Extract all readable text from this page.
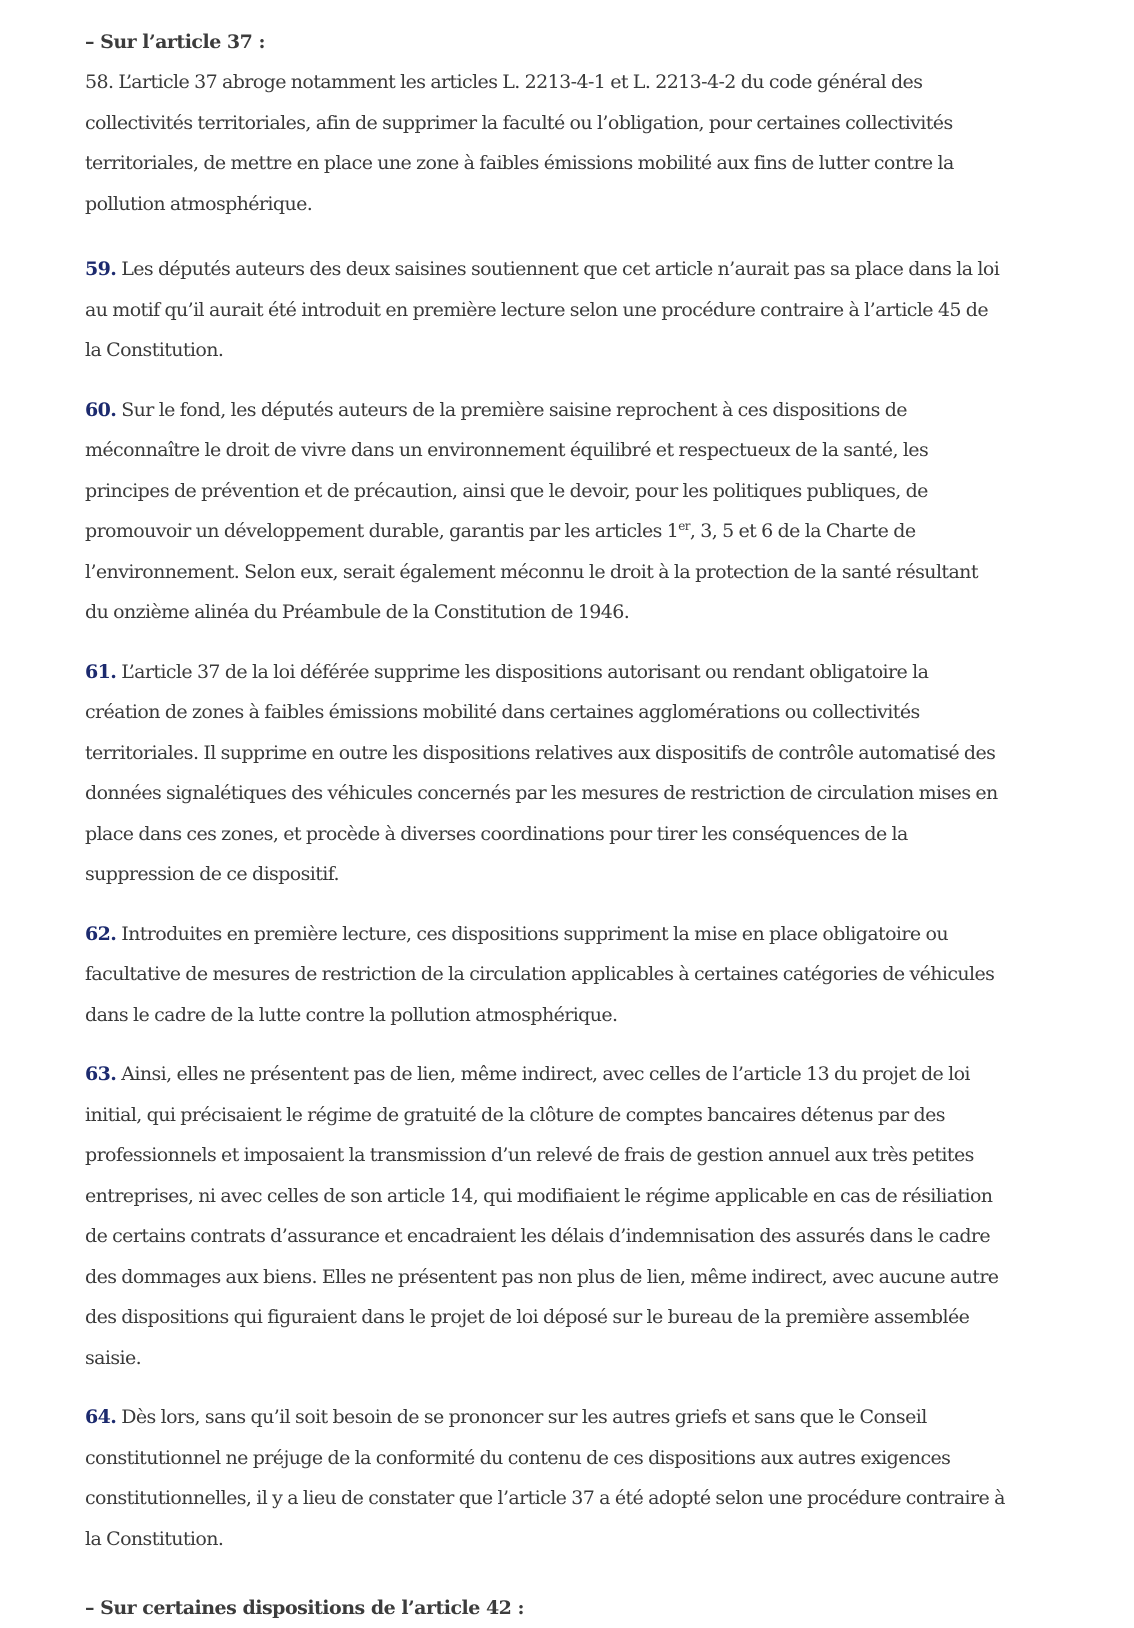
– Sur l’article 37 :

58. L’article 37 abroge notamment les articles L. 2213-4-1 et L. 2213-4-2 du code général des collectivités territoriales, afin de supprimer la faculté ou l’obligation, pour certaines collectivités territoriales, de mettre en place une zone à faibles émissions mobilité aux fins de lutter contre la pollution atmosphérique.

59. Les députés auteurs des deux saisines soutiennent que cet article n’aurait pas sa place dans la loi au motif qu’il aurait été introduit en première lecture selon une procédure contraire à l’article 45 de la Constitution.

60. Sur le fond, les députés auteurs de la première saisine reprochent à ces dispositions de méconnaître le droit de vivre dans un environnement équilibré et respectueux de la santé, les principes de prévention et de précaution, ainsi que le devoir, pour les politiques publiques, de promouvoir un développement durable, garantis par les articles 1er, 3, 5 et 6 de la Charte de l’environnement. Selon eux, serait également méconnu le droit à la protection de la santé résultant du onzième alinéa du Préambule de la Constitution de 1946.

61. L’article 37 de la loi déférée supprime les dispositions autorisant ou rendant obligatoire la création de zones à faibles émissions mobilité dans certaines agglomérations ou collectivités territoriales. Il supprime en outre les dispositions relatives aux dispositifs de contrôle automatisé des données signalétiques des véhicules concernés par les mesures de restriction de circulation mises en place dans ces zones, et procède à diverses coordinations pour tirer les conséquences de la suppression de ce dispositif.

62. Introduites en première lecture, ces dispositions suppriment la mise en place obligatoire ou facultative de mesures de restriction de la circulation applicables à certaines catégories de véhicules dans le cadre de la lutte contre la pollution atmosphérique.

63. Ainsi, elles ne présentent pas de lien, même indirect, avec celles de l’article 13 du projet de loi initial, qui précisaient le régime de gratuité de la clôture de comptes bancaires détenus par des professionnels et imposaient la transmission d’un relevé de frais de gestion annuel aux très petites entreprises, ni avec celles de son article 14, qui modifiaient le régime applicable en cas de résiliation de certains contrats d’assurance et encadraient les délais d’indemnisation des assurés dans le cadre des dommages aux biens. Elles ne présentent pas non plus de lien, même indirect, avec aucune autre des dispositions qui figuraient dans le projet de loi déposé sur le bureau de la première assemblée saisie.

64. Dès lors, sans qu’il soit besoin de se prononcer sur les autres griefs et sans que le Conseil constitutionnel ne préjuge de la conformité du contenu de ces dispositions aux autres exigences constitutionnelles, il y a lieu de constater que l’article 37 a été adopté selon une procédure contraire à la Constitution.

– Sur certaines dispositions de l’article 42 :
